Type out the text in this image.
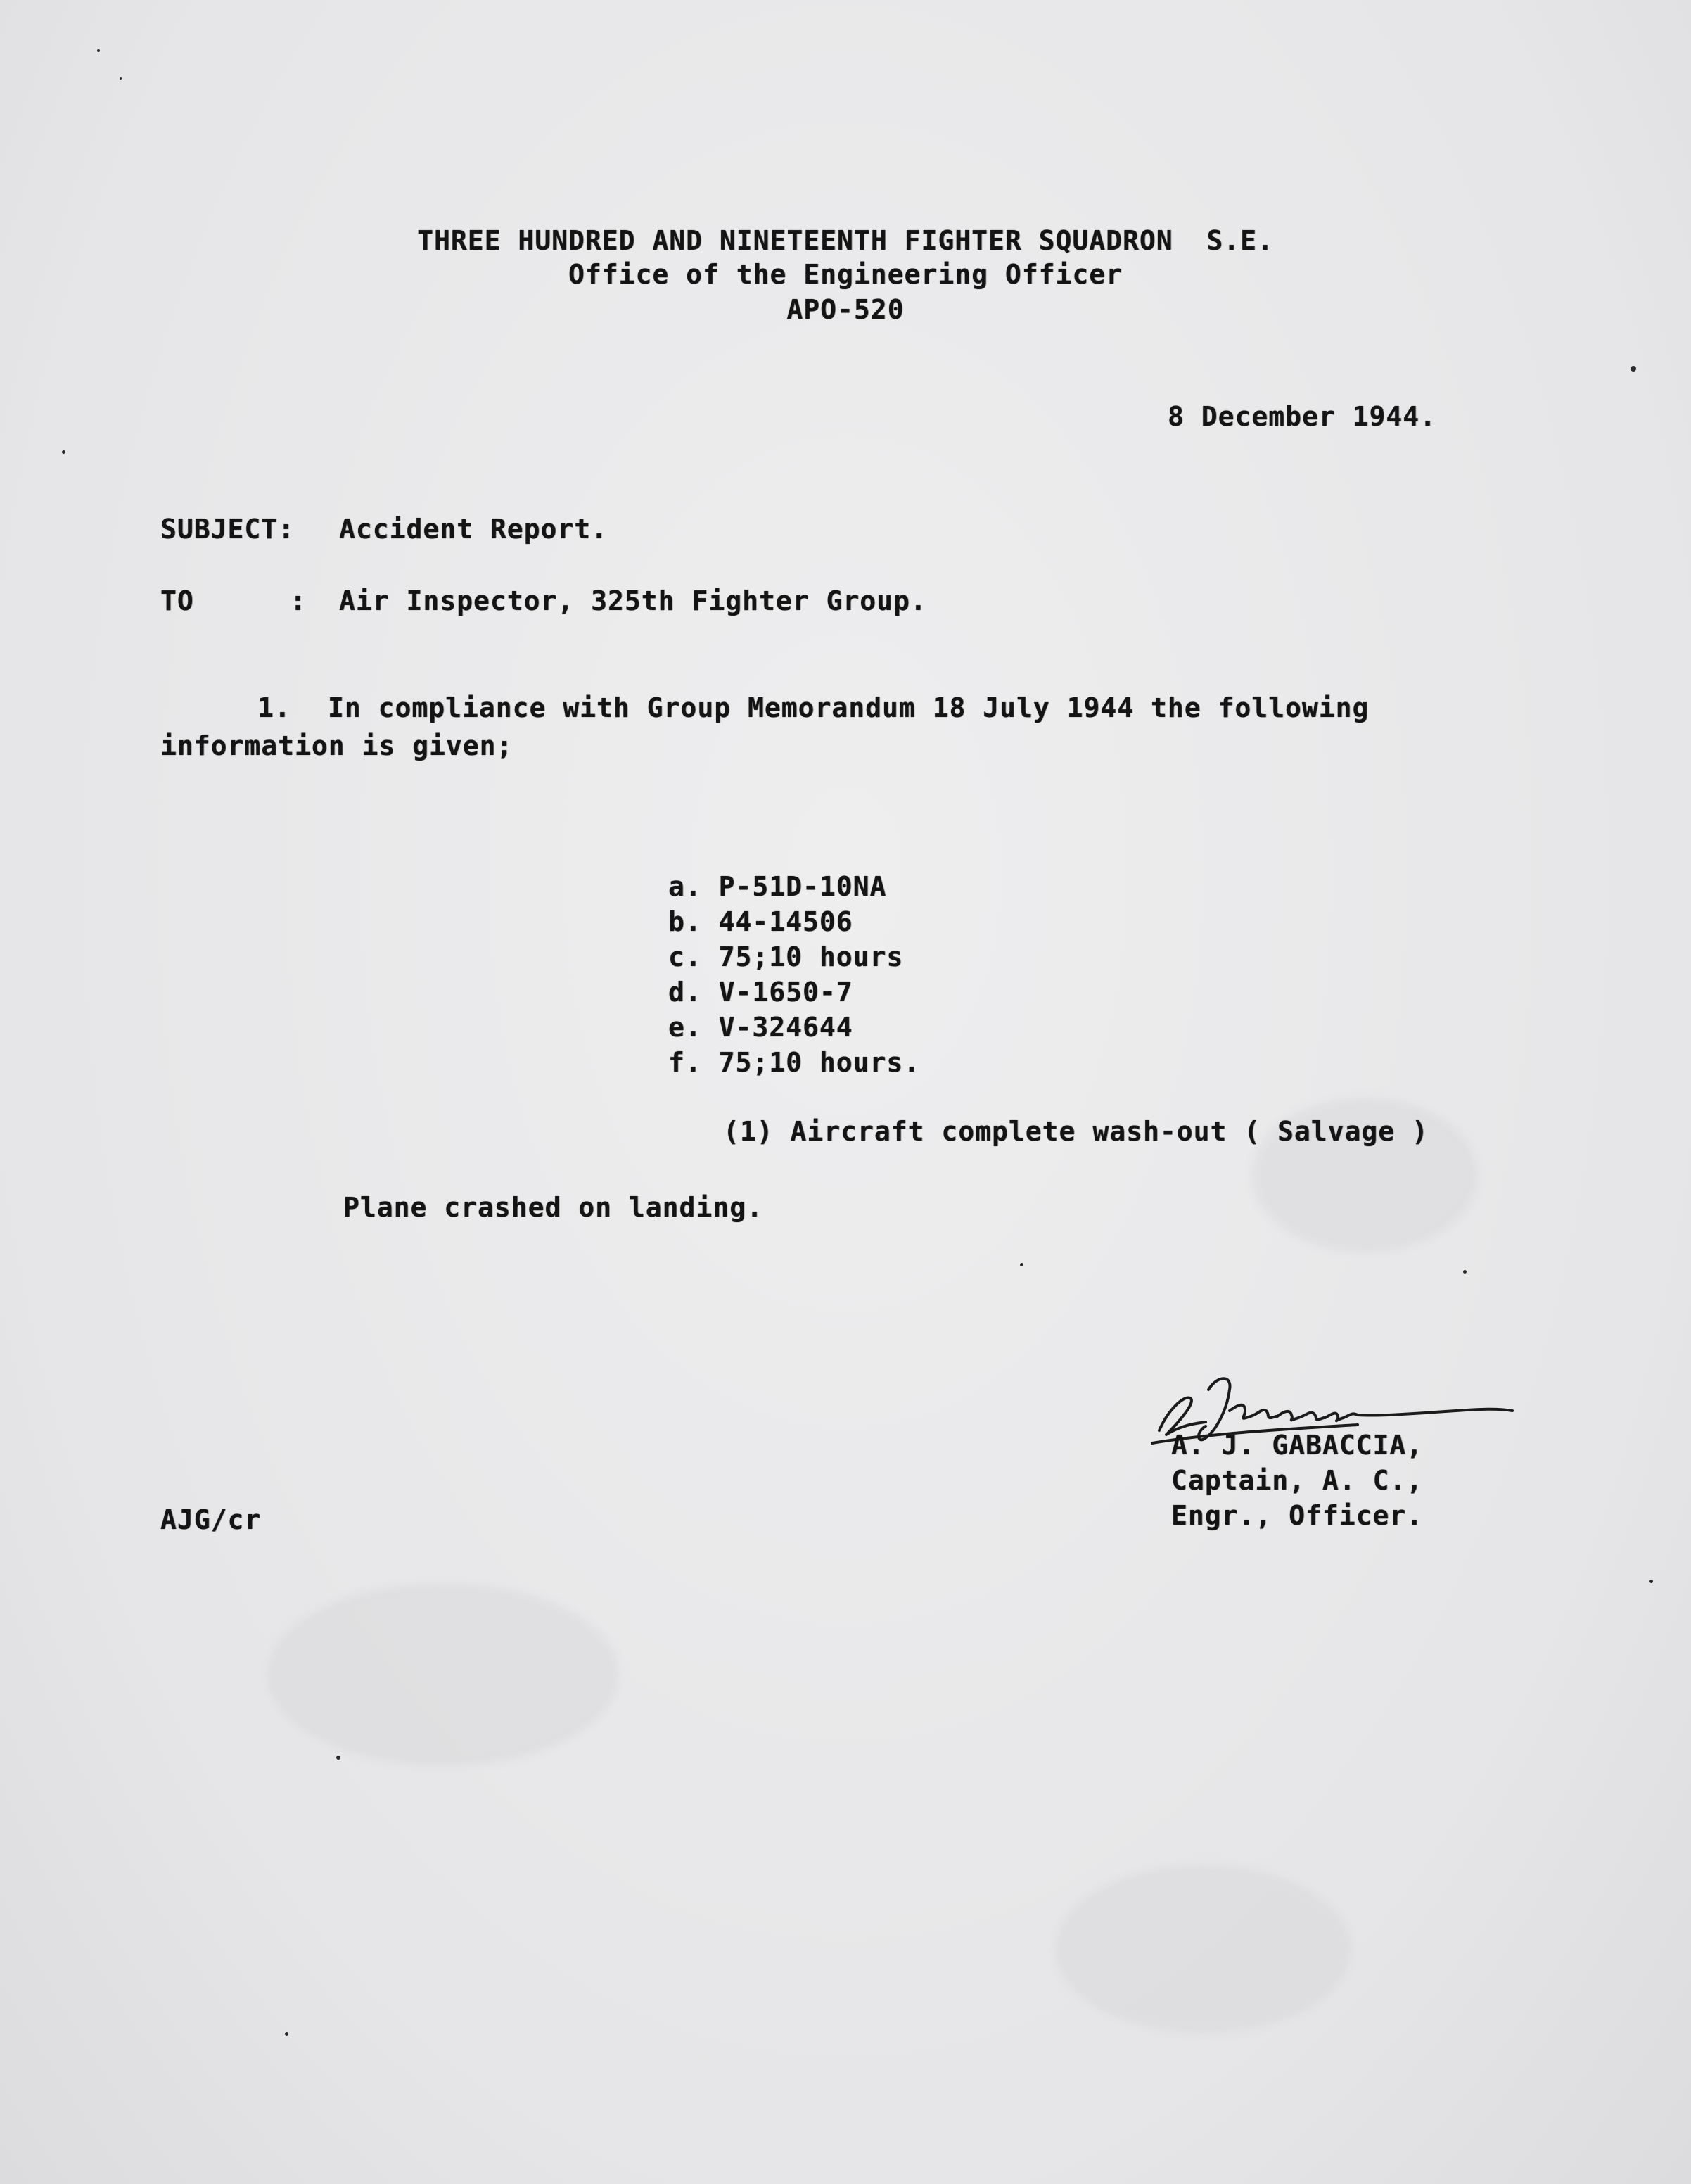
THREE HUNDRED AND NINETEENTH FIGHTER SQUADRON  S.E.
Office of the Engineering Officer
APO-520
8 December 1944.
SUBJECT: Accident Report.
TO	: Air Inspector, 325th Fighter Group.
1. In compliance with Group Memorandum 18 July 1944 the following
information is given;
a. P-51D-10NA
b. 44-14506
c. 75;10 hours
d. V-1650-7
e. V-324644
f. 75;10 hours.
(1) Aircraft complete wash-out ( Salvage )
Plane crashed on landing.
A. J. GABACCIA,
Captain, A. C.,
Engr., Officer.
AJG/cr
